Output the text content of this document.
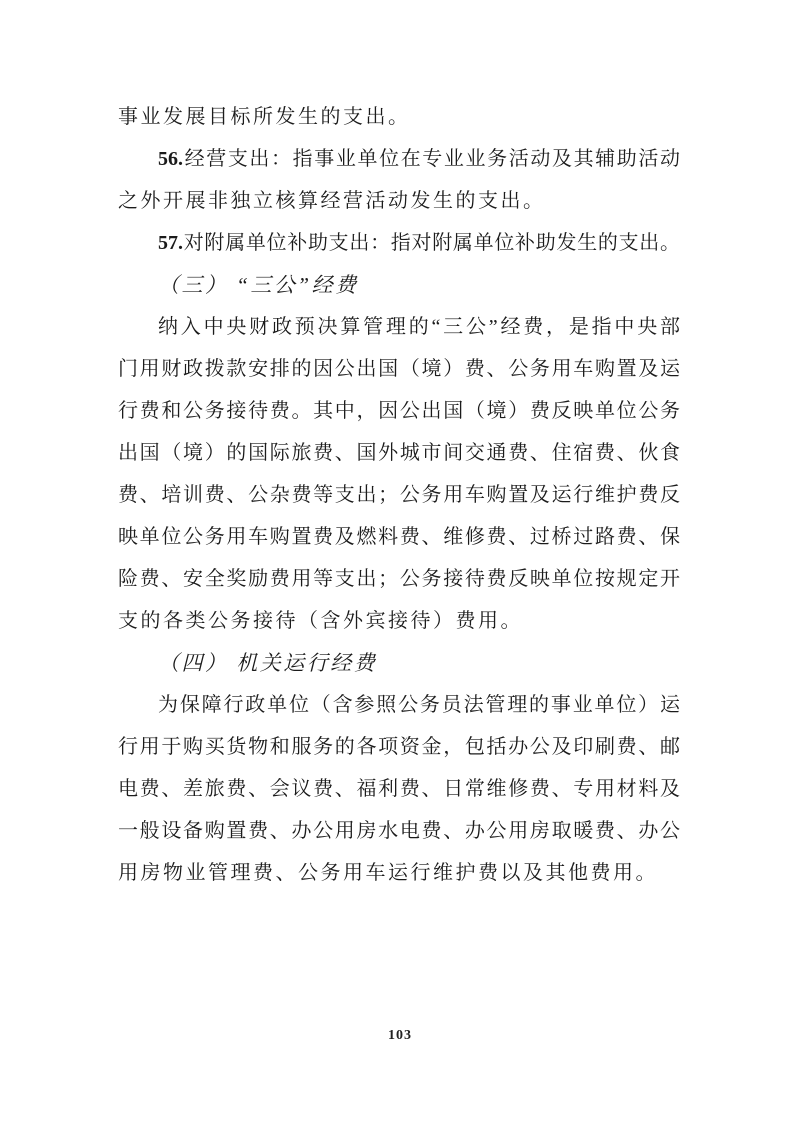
事业发展目标所发生的支出。

56.经营支出：指事业单位在专业业务活动及其辅助活动

之外开展非独立核算经营活动发生的支出。

57.对附属单位补助支出：指对附属单位补助发生的支出。

（三） “三公”经费

纳入中央财政预决算管理的“三公”经费，是指中央部

门用财政拨款安排的因公出国（境）费、公务用车购置及运

行费和公务接待费。其中，因公出国（境）费反映单位公务

出国（境）的国际旅费、国外城市间交通费、住宿费、伙食

费、培训费、公杂费等支出；公务用车购置及运行维护费反

映单位公务用车购置费及燃料费、维修费、过桥过路费、保

险费、安全奖励费用等支出；公务接待费反映单位按规定开

支的各类公务接待（含外宾接待）费用。

（四） 机关运行经费

为保障行政单位（含参照公务员法管理的事业单位）运

行用于购买货物和服务的各项资金，包括办公及印刷费、邮

电费、差旅费、会议费、福利费、日常维修费、专用材料及

一般设备购置费、办公用房水电费、办公用房取暖费、办公

用房物业管理费、公务用车运行维护费以及其他费用。

103
